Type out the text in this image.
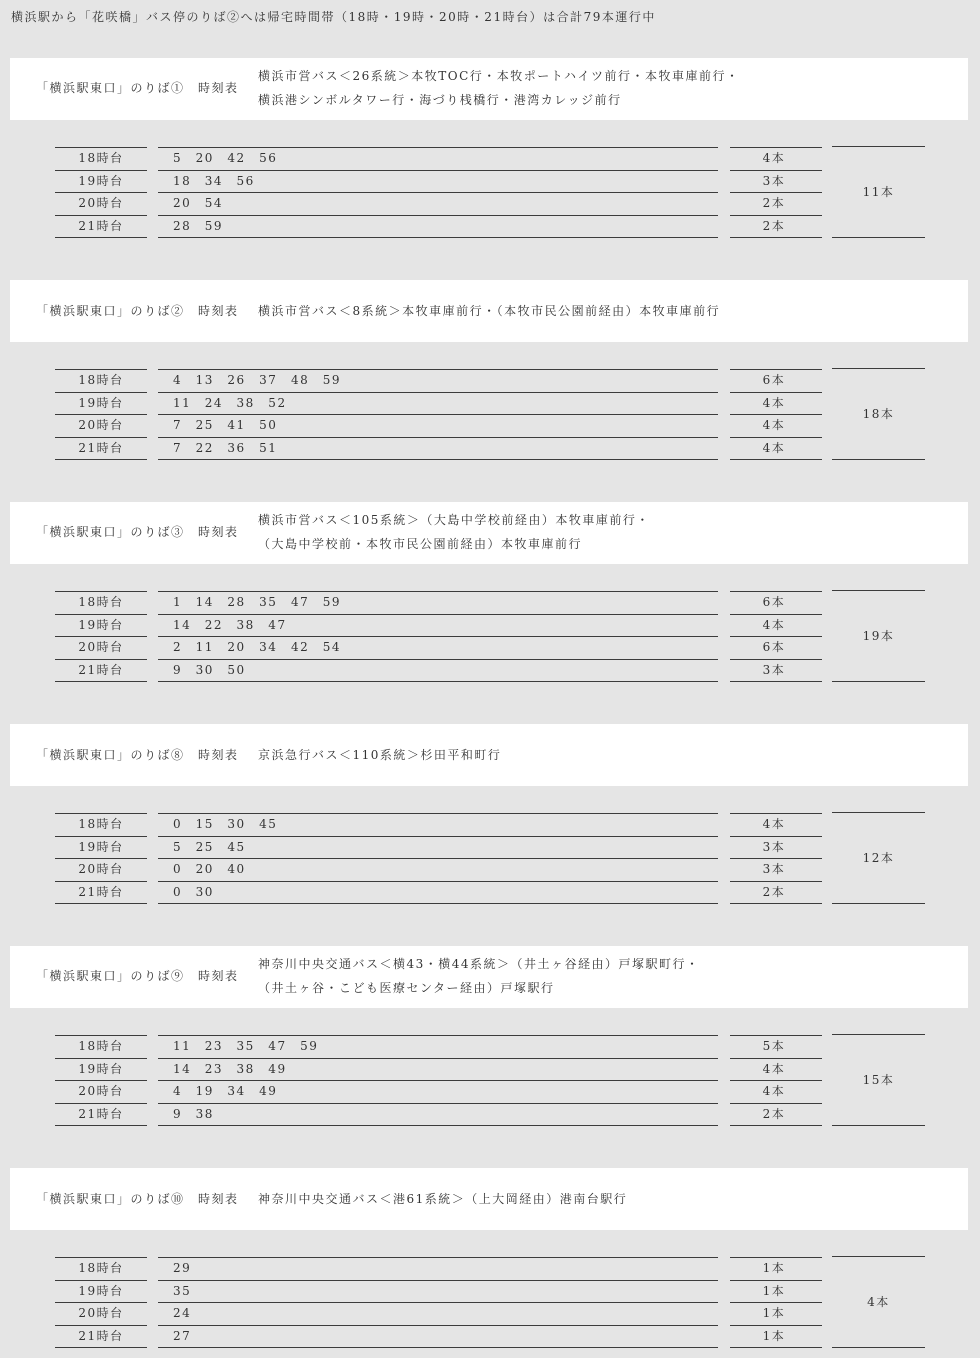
横浜駅から「花咲橋」バス停のりば②へは帰宅時間帯（18時・19時・20時・21時台）は合計79本運行中
「横浜駅東口」のりば①　時刻表
横浜市営バス＜26系統＞本牧TOC行・本牧ポートハイツ前行・本牧車庫前行・
横浜港シンボルタワー行・海づり桟橋行・港湾カレッジ前行
18時台	5　20　42　56	4本
19時台	18　34　56	3本
20時台	20　54	2本
21時台	28　59	2本
11本
「横浜駅東口」のりば②　時刻表 横浜市営バス＜8系統＞本牧車庫前行・（本牧市民公園前経由）本牧車庫前行
18時台	4　13　26　37　48　59	6本
19時台	11　24　38　52	4本
20時台	7　25　41　50	4本
21時台	7　22　36　51	4本
18本
「横浜駅東口」のりば③　時刻表
横浜市営バス＜105系統＞（大島中学校前経由）本牧車庫前行・
（大島中学校前・本牧市民公園前経由）本牧車庫前行
18時台	1　14　28　35　47　59	6本
19時台	14　22　38　47	4本
20時台	2　11　20　34　42　54	6本
21時台	9　30　50	3本
19本
「横浜駅東口」のりば⑧　時刻表 京浜急行バス＜110系統＞杉田平和町行
18時台	0　15　30　45	4本
19時台	5　25　45	3本
20時台	0　20　40	3本
21時台	0　30	2本
12本
「横浜駅東口」のりば⑨　時刻表
神奈川中央交通バス＜横43・横44系統＞（井土ヶ谷経由）戸塚駅町行・
（井土ヶ谷・こども医療センター経由）戸塚駅行
18時台	11　23　35　47　59	5本
19時台	14　23　38　49	4本
20時台	4　19　34　49	4本
21時台	9　38	2本
15本
「横浜駅東口」のりば⑩　時刻表 神奈川中央交通バス＜港61系統＞（上大岡経由）港南台駅行
18時台	29	1本
19時台	35	1本
20時台	24	1本
21時台	27	1本
4本
